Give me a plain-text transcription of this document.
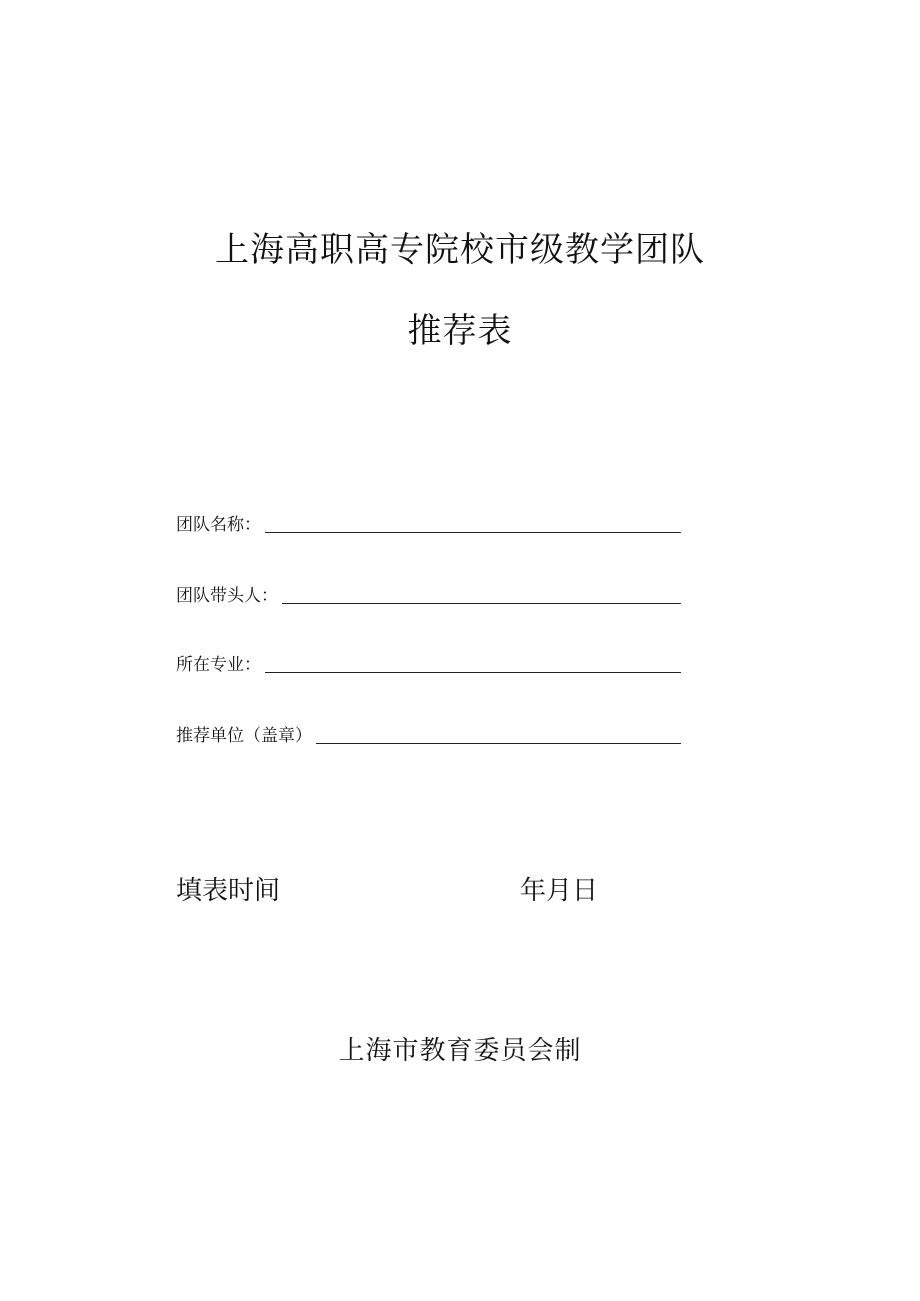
上海高职高专院校市级教学团队
推荐表
团队名称：
团队带头人：
所在专业：
推荐单位（盖章）
填表时间	年月日
上海市教育委员会制
